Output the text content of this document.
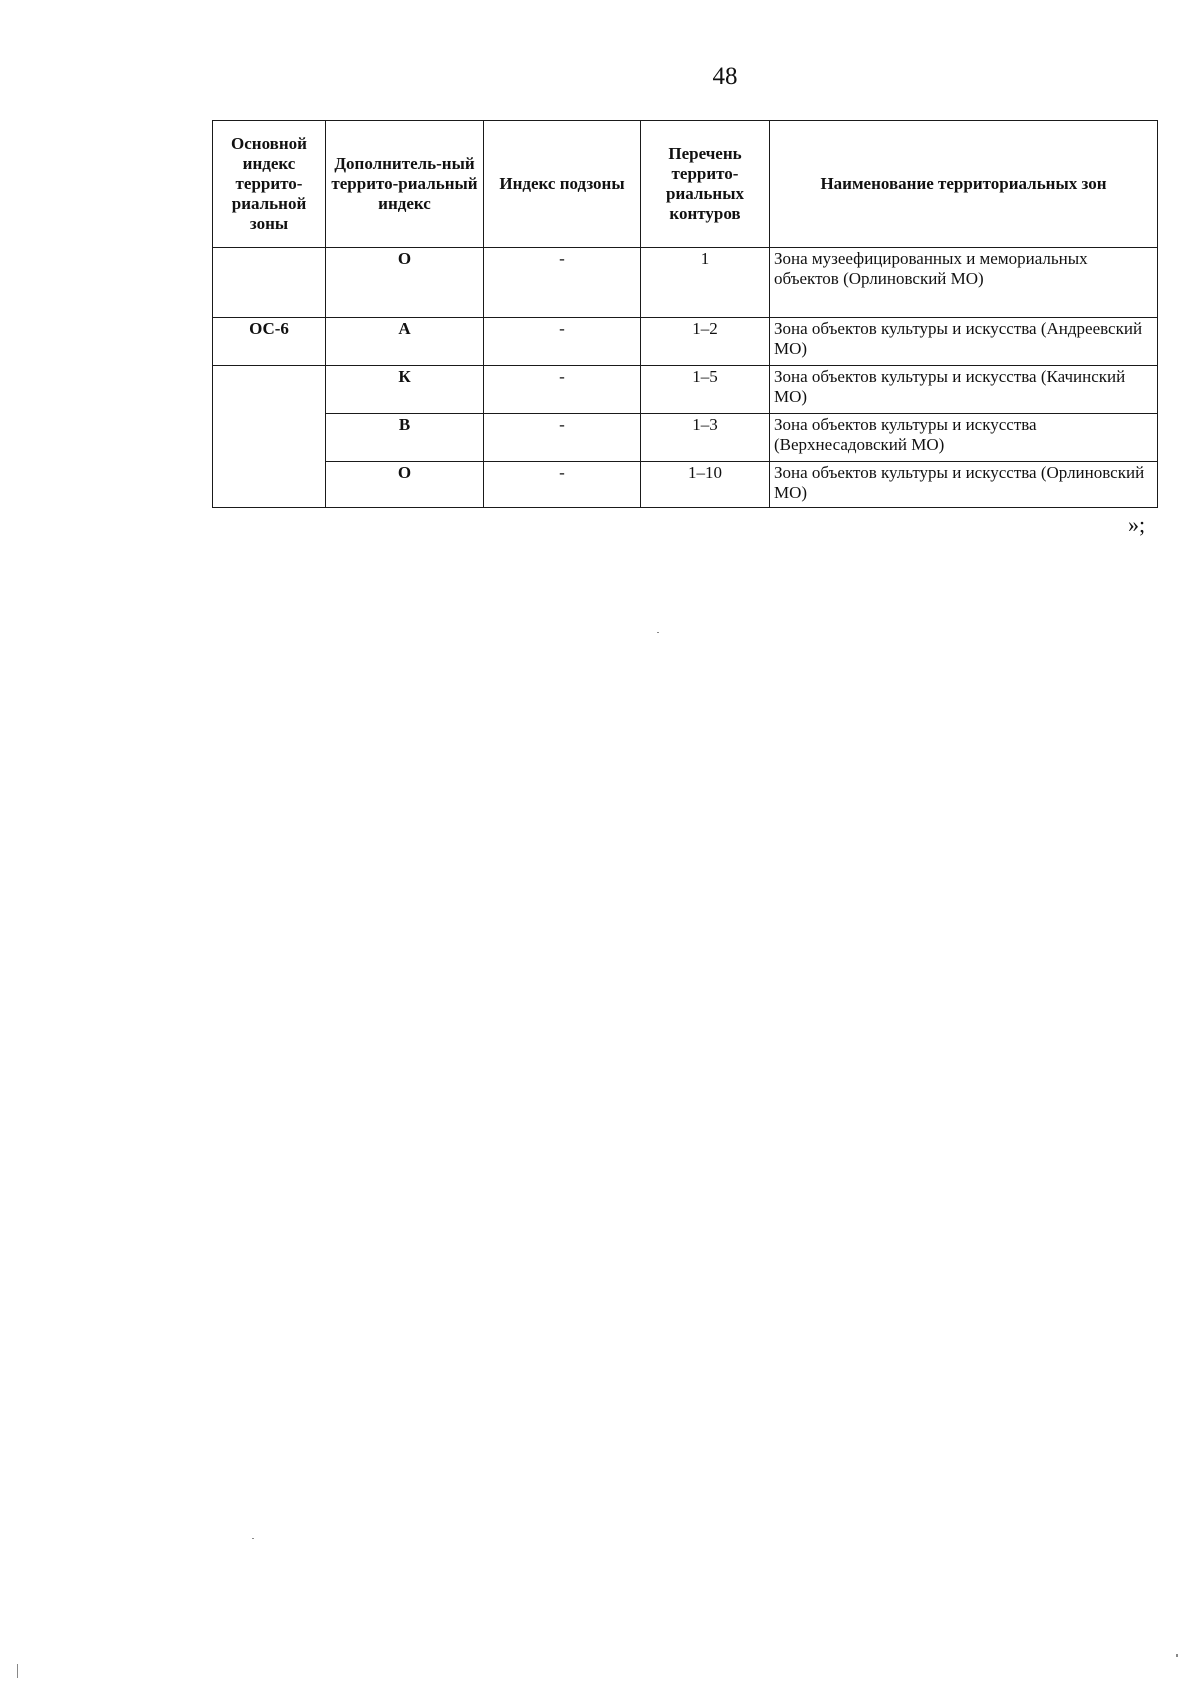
48
Основной индекс террито-риальной зоны	Дополнитель-ный террито-риальный индекс	Индекс подзоны	Перечень террито-риальных контуров	Наименование территориальных зон
	О	-	1	Зона музеефицированных и мемориальных объектов (Орлиновский МО)
ОС-6	А	-	1–2	Зона объектов культуры и искусства (Андреевский МО)
	К	-	1–5	Зона объектов культуры и искусства (Качинский МО)
	В	-	1–3	Зона объектов культуры и искусства (Верхнесадовский МО)
	О	-	1–10	Зона объектов культуры и искусства (Орлиновский МО)
»;
